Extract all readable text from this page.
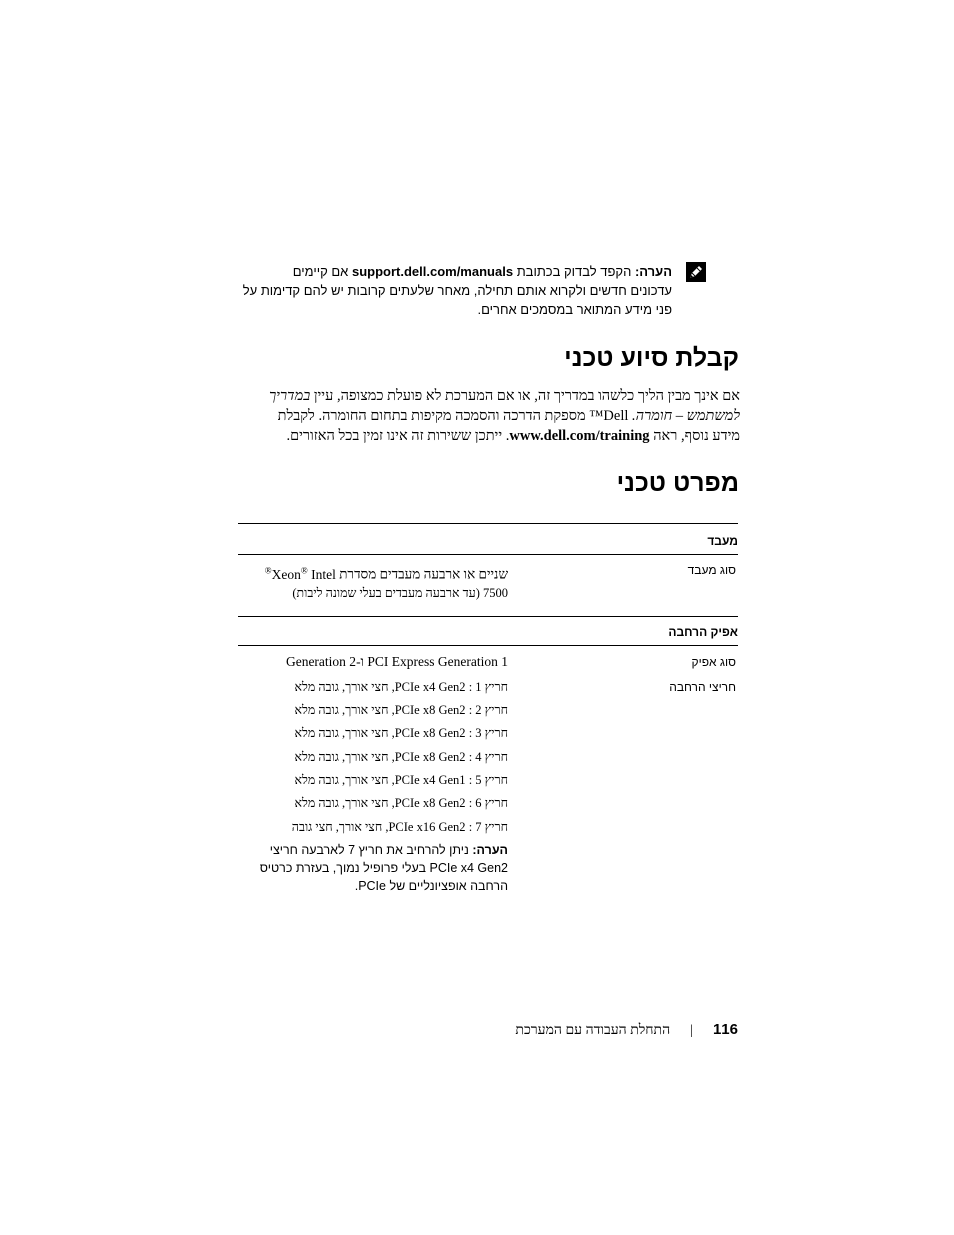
הערה: הקפד לבדוק בכתובת support.dell.com/manuals אם קיימים
עדכונים חדשים ולקרוא אותם תחילה, מאחר שלעתים קרובות יש להם קדימות על
פני מידע המתואר במסמכים אחרים.
קבלת סיוע טכני
אם אינך מבין הליך כלשהו במדריך זה, או אם המערכת לא פועלת כמצופה, עיין במדריך
למשתמש – חומרה. Dell™ מספקת הדרכה והסמכה מקיפות בתחום החומרה. לקבלת
מידע נוסף, ראה www.dell.com/training. ייתכן ששירות זה אינו זמין בכל האזורים.
מפרט טכני
מעבד
סוג מעבד
שניים או ארבעה מעבדים מסדרת Xeon® Intel®
7500 (עד ארבעה מעבדים בעלי שמונה ליבות)
אפיק הרחבה
סוג אפיק
PCI Express Generation 1 ו-Generation 2
חריצי הרחבה
חריץ 1 : PCIe x4 Gen2, חצי אורך, גובה מלא
חריץ 2 : PCIe x8 Gen2, חצי אורך, גובה מלא
חריץ 3 : PCIe x8 Gen2, חצי אורך, גובה מלא
חריץ 4 : PCIe x8 Gen2, חצי אורך, גובה מלא
חריץ 5 : PCIe x4 Gen1, חצי אורך, גובה מלא
חריץ 6 : PCIe x8 Gen2, חצי אורך, גובה מלא
חריץ 7 : PCIe x16 Gen2, חצי אורך, חצי גובה
הערה: ניתן להרחיב את חריץ 7 לארבעה חריצי
PCIe x4 Gen2 בעלי פרופיל נמוך, בעזרת כרטיס
הרחבה אופציונליים של PCIe.
116|התחלת העבודה עם המערכת
